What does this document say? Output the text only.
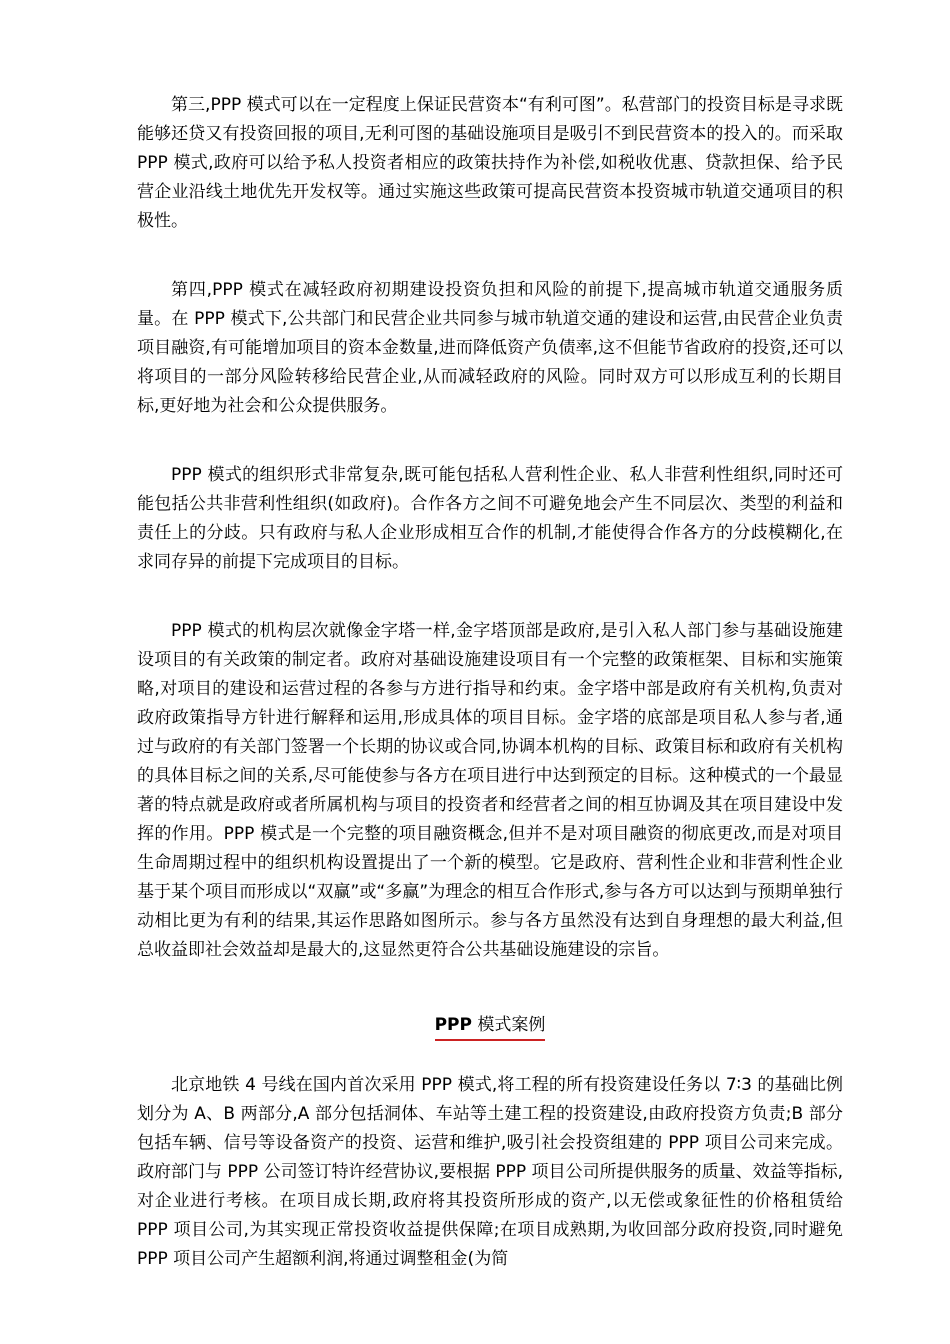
第三,PPP 模式可以在一定程度上保证民营资本“有利可图”。私营部门的投资目标是寻求既能够还贷又有投资回报的项目,无利可图的基础设施项目是吸引不到民营资本的投入的。而采取 PPP 模式,政府可以给予私人投资者相应的政策扶持作为补偿,如税收优惠、贷款担保、给予民营企业沿线土地优先开发权等。通过实施这些政策可提高民营资本投资城市轨道交通项目的积极性。

第四,PPP 模式在减轻政府初期建设投资负担和风险的前提下,提高城市轨道交通服务质量。在 PPP 模式下,公共部门和民营企业共同参与城市轨道交通的建设和运营,由民营企业负责项目融资,有可能增加项目的资本金数量,进而降低资产负债率,这不但能节省政府的投资,还可以将项目的一部分风险转移给民营企业,从而减轻政府的风险。同时双方可以形成互利的长期目标,更好地为社会和公众提供服务。

PPP 模式的组织形式非常复杂,既可能包括私人营利性企业、私人非营利性组织,同时还可能包括公共非营利性组织(如政府)。合作各方之间不可避免地会产生不同层次、类型的利益和责任上的分歧。只有政府与私人企业形成相互合作的机制,才能使得合作各方的分歧模糊化,在求同存异的前提下完成项目的目标。

PPP 模式的机构层次就像金字塔一样,金字塔顶部是政府,是引入私人部门参与基础设施建设项目的有关政策的制定者。政府对基础设施建设项目有一个完整的政策框架、目标和实施策略,对项目的建设和运营过程的各参与方进行指导和约束。金字塔中部是政府有关机构,负责对政府政策指导方针进行解释和运用,形成具体的项目目标。金字塔的底部是项目私人参与者,通过与政府的有关部门签署一个长期的协议或合同,协调本机构的目标、政策目标和政府有关机构的具体目标之间的关系,尽可能使参与各方在项目进行中达到预定的目标。这种模式的一个最显著的特点就是政府或者所属机构与项目的投资者和经营者之间的相互协调及其在项目建设中发挥的作用。PPP 模式是一个完整的项目融资概念,但并不是对项目融资的彻底更改,而是对项目生命周期过程中的组织机构设置提出了一个新的模型。它是政府、营利性企业和非营利性企业基于某个项目而形成以“双赢”或“多赢”为理念的相互合作形式,参与各方可以达到与预期单独行动相比更为有利的结果,其运作思路如图所示。参与各方虽然没有达到自身理想的最大利益,但总收益即社会效益却是最大的,这显然更符合公共基础设施建设的宗旨。

PPP 模式案例

北京地铁 4 号线在国内首次采用 PPP 模式,将工程的所有投资建设任务以 7∶3 的基础比例划分为 A、B 两部分,A 部分包括洞体、车站等土建工程的投资建设,由政府投资方负责;B 部分包括车辆、信号等设备资产的投资、运营和维护,吸引社会投资组建的 PPP 项目公司来完成。政府部门与 PPP 公司签订特许经营协议,要根据 PPP 项目公司所提供服务的质量、效益等指标,对企业进行考核。在项目成长期,政府将其投资所形成的资产,以无偿或象征性的价格租赁给 PPP 项目公司,为其实现正常投资收益提供保障;在项目成熟期,为收回部分政府投资,同时避免 PPP 项目公司产生超额利润,将通过调整租金(为简
